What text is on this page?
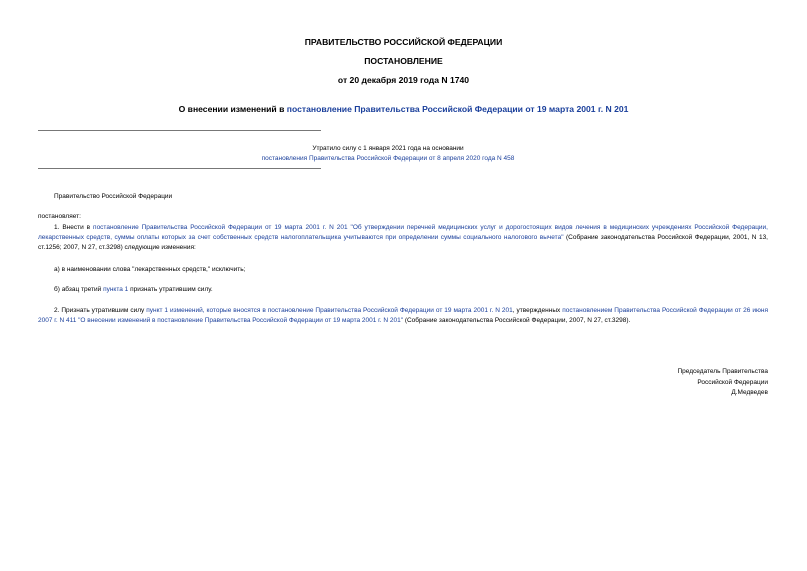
ПРАВИТЕЛЬСТВО РОССИЙСКОЙ ФЕДЕРАЦИИ
ПОСТАНОВЛЕНИЕ
от 20 декабря 2019 года N 1740
О внесении изменений в постановление Правительства Российской Федерации от 19 марта 2001 г. N 201
Утратило силу с 1 января 2021 года на основании
постановления Правительства Российской Федерации от 8 апреля 2020 года N 458
Правительство Российской Федерации
постановляет:
1. Внести в постановление Правительства Российской Федерации от 19 марта 2001 г. N 201 "Об утверждении перечней медицинских услуг и дорогостоящих видов лечения в медицинских учреждениях Российской Федерации, лекарственных средств, суммы оплаты которых за счет собственных средств налогоплательщика учитываются при определении суммы социального налогового вычета" (Собрание законодательства Российской Федерации, 2001, N 13, ст.1256; 2007, N 27, ст.3298) следующие изменения:
а) в наименовании слова "лекарственных средств," исключить;
б) абзац третий пункта 1 признать утратившим силу.
2. Признать утратившим силу пункт 1 изменений, которые вносятся в постановление Правительства Российской Федерации от 19 марта 2001 г. N 201, утвержденных постановлением Правительства Российской Федерации от 26 июня 2007 г. N 411 "О внесении изменений в постановление Правительства Российской Федерации от 19 марта 2001 г. N 201" (Собрание законодательства Российской Федерации, 2007, N 27, ст.3298).
Председатель Правительства
Российской Федерации
Д.Медведев
